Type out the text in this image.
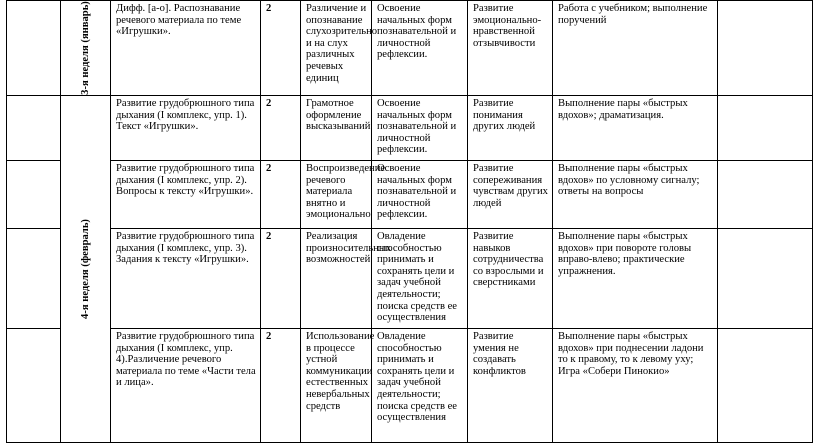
	3-я неделя (январь)	Дифф. [а-о]. Распознавание речевого материала по теме «Игрушки».	2	Различение и опознавание слухозрительно и на слух различных речевых единиц	Освоение начальных форм познавательной и личностной рефлексии.	Развитие эмоционально-нравственной отзывчивости	Работа с учебником; выполнение поручений	

	4-я неделя (февраль)	Развитие грудобрюшного типа дыхания (I комплекс, упр. 1). Текст «Игрушки».	2	Грамотное оформление высказываний	Освоение начальных форм познавательной и личностной рефлексии.	Развитие понимания других людей	Выполнение пары «быстрых вдохов»; драматизация.	
		Развитие грудобрюшного типа дыхания (I комплекс, упр. 2). Вопросы к тексту «Игрушки».	2	Воспроизведение речевого материала внятно и эмоционально	Освоение начальных форм познавательной и личностной рефлексии.	Развитие сопереживания чувствам других людей	Выполнение пары «быстрых вдохов» по условному сигналу; ответы на вопросы	
		Развитие грудобрюшного типа дыхания (I комплекс, упр. 3). Задания к тексту «Игрушки».	2	Реализация произносительных возможностей	Овладение способностью принимать и сохранять цели и задач учебной деятельности; поиска средств ее осуществления	Развитие навыков сотрудничества со взрослыми и сверстниками	Выполнение пары «быстрых вдохов» при повороте головы вправо-влево; практические упражнения.	
		Развитие грудобрюшного типа дыхания (I комплекс, упр. 4).Различение речевого материала по теме «Части тела и лица».	2	Использование в процессе устной коммуникации естественных невербальных средств	Овладение способностью принимать и сохранять цели и задач учебной деятельности; поиска средств ее осуществления	Развитие умения не создавать конфликтов	Выполнение пары «быстрых вдохов» при поднесении ладони то к правому, то к левому уху; Игра «Собери Пинокио»	
